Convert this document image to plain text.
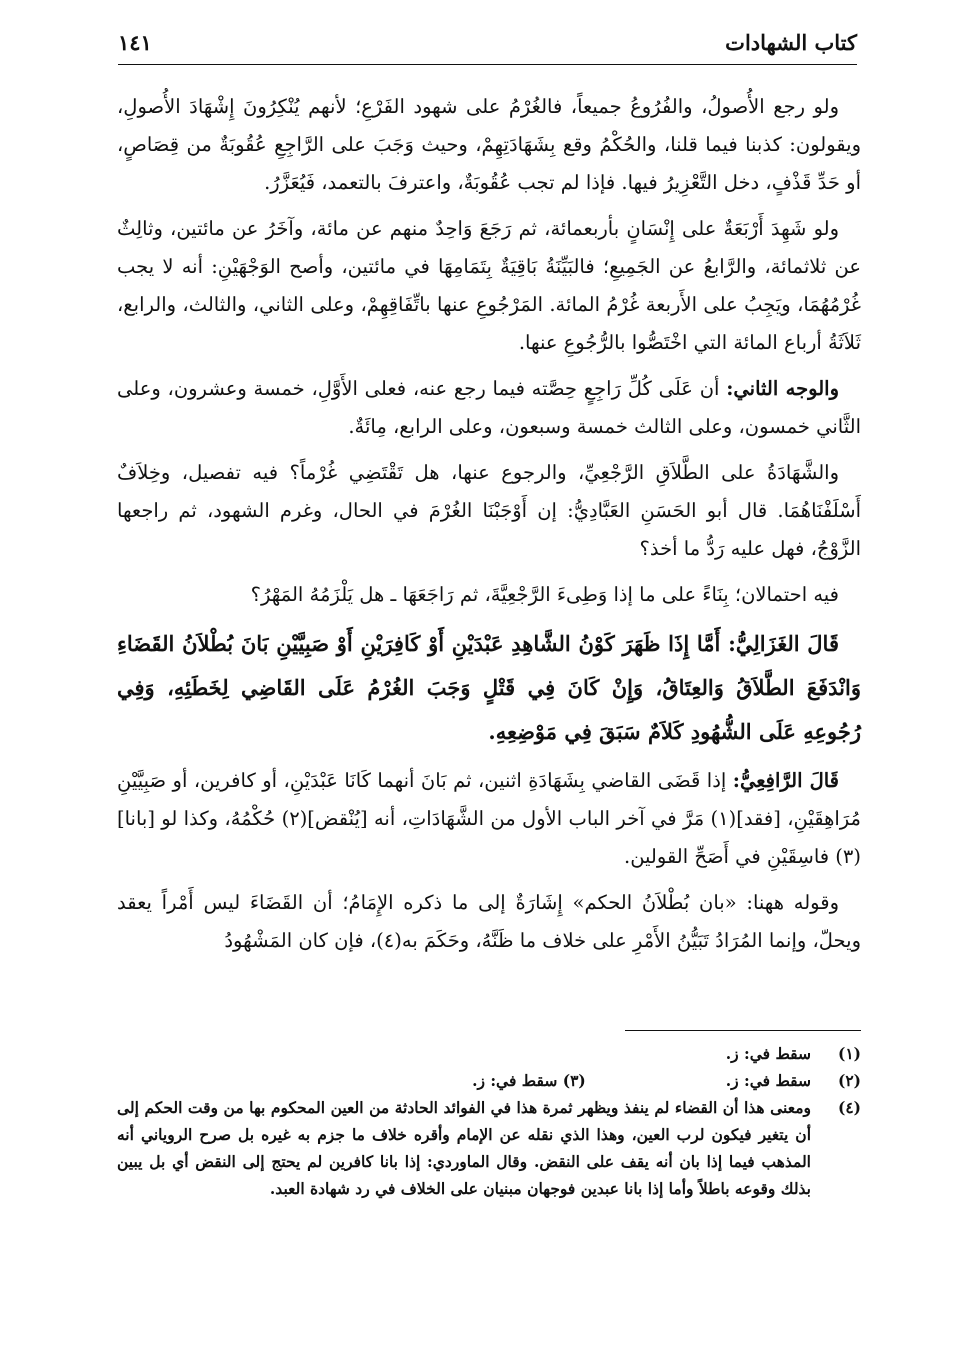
كتاب الشهادات
١٤١

ولو رجع الأُصولُ، والفُرُوعُ جميعاً، فالغُرْمُ على شهود الفَرْعِ؛ لأنهم يُنْكِرُونَ إِشْهَادَ الأُصولِ، ويقولون: كذبنا فيما قلنا، والحُكْمُ وقع بِشَهَادَتِهِمْ، وحيث وَجَبَ على الرَّاجِعِ عُقُوبَةٌ من قِصَاصٍ، أو حَدِّ قَذْفٍ، دخل التَّعْزِيرُ فيها. فإذا لم تجب عُقُوبَةٌ، واعترفَ بالتعمد، فَيُعَزَّرُ.

ولو شَهِدَ أَرْبَعَةٌ على إِنْسَانٍ بأربعمائة، ثم رَجَعَ وَاحِدٌ منهم عن مائة، وآخَرُ عن مائتين، وثالِثٌ عن ثلاثمائة، والرَّابعُ عن الجَمِيعِ؛ فالبَيِّنَةُ بَاقِيَةٌ بِتَمَامِهَا في مائتين، وأصح الوَجْهَيْنِ: أنه لا يجب غُرْمُهُمَا، ويَجِبُ على الأَربعة غُرْمُ المائة. المَرْجُوعِ عنها باتِّفَاقِهِمْ، وعلى الثاني، والثالث، والرابع، ثَلاَثَةُ أرباع المائة التي اخْتَصُّوا بالرُّجُوعِ عنها.

والوجه الثاني: أن عَلَى كُلِّ رَاجِعٍ حِصَّته فيما رجع عنه، فعلى الأَوَّلِ، خمسة وعشرون، وعلى الثَّاني خمسون، وعلى الثالث خمسة وسبعون، وعلى الرابع، مِائَةٌ.

والشَّهَادَةُ على الطَّلاَقِ الرَّجْعِيِّ، والرجوع عنها، هل تَقْتَضِي غُرْماً؟ فيه تفصيل، وخِلاَفٌ أَسْلَفْنَاهُمَا. قال أبو الحَسَنِ العَبَّادِيُّ: إن أَوْجَبْنَا الغُرْمَ في الحال، وغرم الشهود، ثم راجعها الزَّوْجُ، فهل عليه رَدُّ ما أخذ؟

فيه احتمالان؛ بِنَاءً على ما إذا وَطِىءَ الرَّجْعِيَّةَ، ثم رَاجَعَهَا ـ هل يَلْزَمُهُ المَهْرُ؟

قَالَ الغَزَالِيُّ: أَمَّا إِذَا ظَهَرَ كَوْنُ الشَّاهِدِ عَبْدَيْنِ أَوْ كَافِرَيْنِ أَوْ صَبِيَّيْنِ بَانَ بُطْلاَنُ القَضَاءِ وَانْدَفَعَ الطَّلاَقُ وَالعِتَاقُ، وَإِنْ كَانَ فِي قَتْلٍ وَجَبَ الغُرْمُ عَلَى القَاضِي لِخَطَئِهِ، وَفِي رُجُوعِهِ عَلَى الشُّهُودِ كَلاَمٌ سَبَقَ فِي مَوْضِعِهِ.

قَالَ الرَّافِعِيُّ: إذا قَضَى القاضي بِشَهَادَةِ اثنين، ثم بَانَ أنهما كَانَا عَبْدَيْنِ، أو كافرين، أو صَبِيَّيْنِ مُرَاهِقَيْنِ، [فقد](١) مَرَّ في آخر الباب الأول من الشَّهَادَاتِ، أنه [يُنْقض](٢) حُكْمُهُ، وكذا لو [بانا](٣) فاسِقَيْنِ في أَصَحِّ القولين.

وقوله ههنا: «بان بُطْلاَنُ الحكم» إِشَارَةٌ إلى ما ذكره الإِمَامُ؛ أن القَضَاءَ ليس أَمْراً يعقد ويحلّ، وإنما المُرَادُ تَبَيُّنُ الأَمْرِ على خلاف ما ظَنَّهُ، وحَكَمَ به(٤)، فإن كان المَشْهُودُ

(١)
سقط في: ز.
(٢)
سقط في: ز.
(٣) سقط في: ز.
(٤)
ومعنى هذا أن القضاء لم ينفذ ويظهر ثمرة هذا في الفوائد الحادثة من العين المحكوم بها من وقت الحكم إلى أن يتغير فيكون لرب العين، وهذا الذي نقله عن الإمام وأقره خلاف ما جزم به غيره بل صرح الروياني أنه المذهب فيما إذا بان أنه يقف على النقض. وقال الماوردي: إذا بانا كافرين لم يحتج إلى النقض أي بل يبين بذلك وقوعه باطلاً وأما إذا بانا عبدين فوجهان مبنيان على الخلاف في رد شهادة العبد.
